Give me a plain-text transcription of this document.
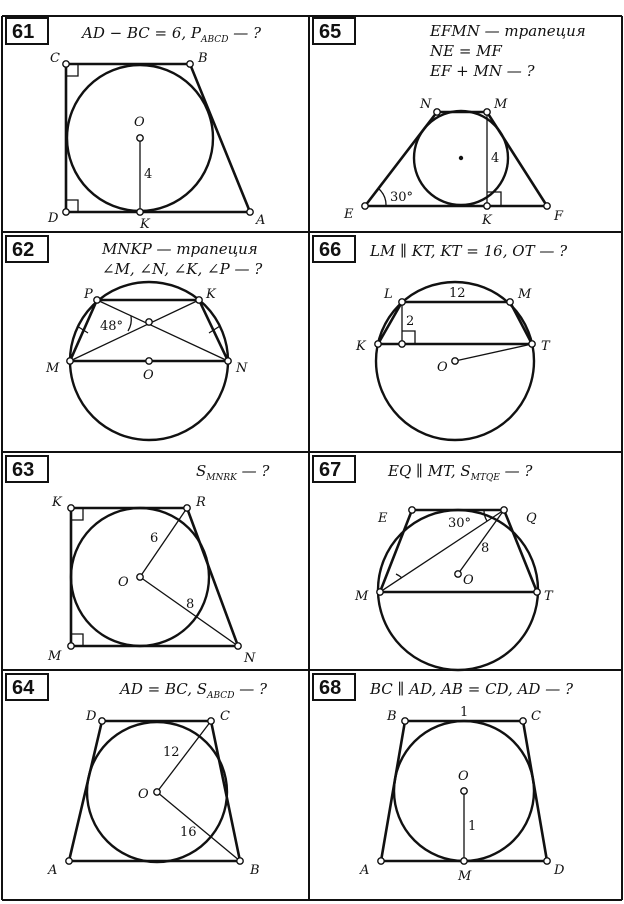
61	AD − BC = 6, $P_{ABCD}$ — ?
C	B
O
D	K	A
4
65	EFMN — трапеция
NE = MF
EF + MN — ?
N	M
E	K	F
4
30°
62	MNKP — трапеция
∠M, ∠N, ∠K, ∠P — ?
P	K
M	O	N
48°
66 LM ∥ KT, KT = 16, OT — ?
L	M
K	T
O
12
2
63	$S_{MNRK}$ — ?
K	R
O
M	N
6
8
67	EQ ∥ MT, $S_{MTQE}$ — ?
E	Q
M	T
O
8
30°
64	AD = BC, $S_{ABCD}$ — ?
D	C
O
A	B
12
16
68 BC ∥ AD, AB = CD, AD — ?
B	C
O
A	M	D
1
1
